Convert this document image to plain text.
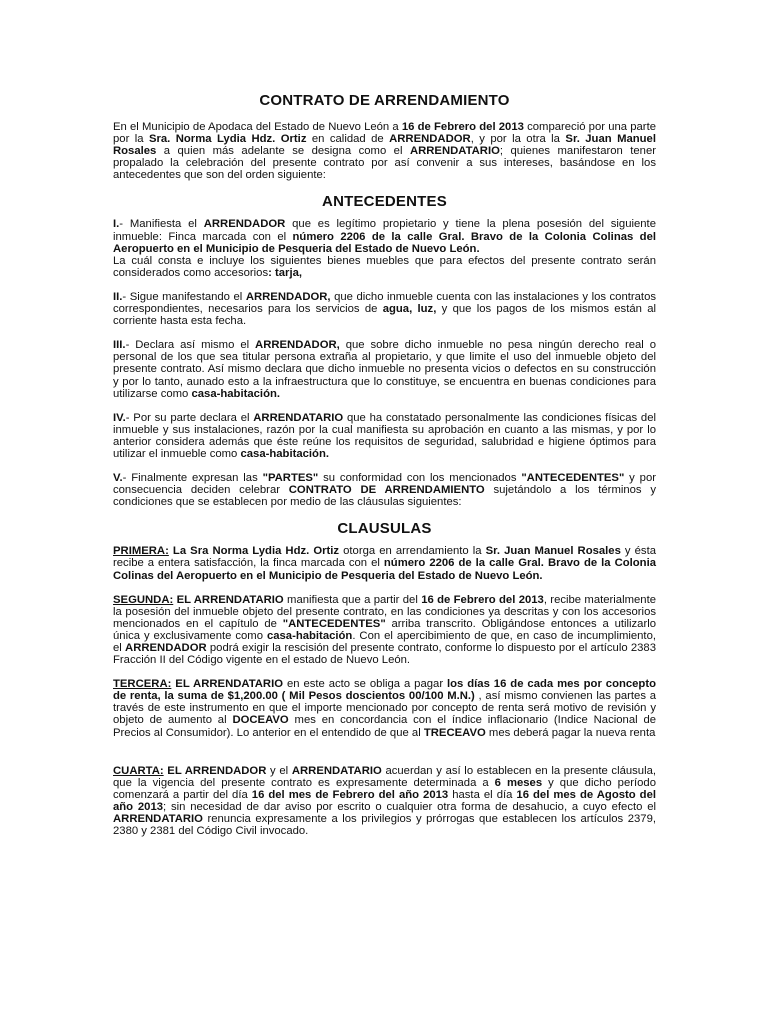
CONTRATO DE ARRENDAMIENTO

En el Municipio de Apodaca del Estado de Nuevo León a 16 de Febrero del 2013 compareció por una parte por la Sra. Norma Lydia Hdz. Ortiz en calidad de ARRENDADOR, y por la otra la Sr. Juan Manuel Rosales a quien más adelante se designa como el ARRENDATARIO; quienes manifestaron tener propalado la celebración del presente contrato por así convenir a sus intereses, basándose en los antecedentes que son del orden siguiente:

ANTECEDENTES

I.- Manifiesta el ARRENDADOR que es legítimo propietario y tiene la plena posesión del siguiente inmueble: Finca marcada con el número 2206 de la calle Gral. Bravo de la Colonia Colinas del Aeropuerto en el Municipio de Pesqueria del Estado de Nuevo León.
La cuál consta e incluye los siguientes bienes muebles que para efectos del presente contrato serán considerados como accesorios: tarja,

II.- Sigue manifestando el ARRENDADOR, que dicho inmueble cuenta con las instalaciones y los contratos correspondientes, necesarios para los servicios de agua, luz, y que los pagos de los mismos están al corriente hasta esta fecha.

III.- Declara así mismo el ARRENDADOR, que sobre dicho inmueble no pesa ningún derecho real o personal de los que sea titular persona extraña al propietario, y que limite el uso del inmueble objeto del presente contrato. Así mismo declara que dicho inmueble no presenta vicios o defectos en su construcción y por lo tanto, aunado esto a la infraestructura que lo constituye, se encuentra en buenas condiciones para utilizarse como casa-habitación.

IV.- Por su parte declara el ARRENDATARIO que ha constatado personalmente las condiciones físicas del inmueble y sus instalaciones, razón por la cual manifiesta su aprobación en cuanto a las mismas, y por lo anterior considera además que éste reúne los requisitos de seguridad, salubridad e higiene óptimos para utilizar el inmueble como casa-habitación.

V.- Finalmente expresan las "PARTES" su conformidad con los mencionados "ANTECEDENTES" y por consecuencia deciden celebrar CONTRATO DE ARRENDAMIENTO sujetándolo a los términos y condiciones que se establecen por medio de las cláusulas siguientes:

CLAUSULAS

PRIMERA: La Sra Norma Lydia Hdz. Ortiz otorga en arrendamiento la Sr. Juan Manuel Rosales y ésta recibe a entera satisfacción, la finca marcada con el número 2206 de la calle Gral. Bravo de la Colonia Colinas del Aeropuerto en el Municipio de Pesqueria del Estado de Nuevo León.

SEGUNDA: EL ARRENDATARIO manifiesta que a partir del 16 de Febrero del 2013, recibe materialmente la posesión del inmueble objeto del presente contrato, en las condiciones ya descritas y con los accesorios mencionados en el capítulo de "ANTECEDENTES" arriba transcrito. Obligándose entonces a utilizarlo única y exclusivamente como casa-habitación. Con el apercibimiento de que, en caso de incumplimiento, el ARRENDADOR podrá exigir la rescisión del presente contrato, conforme lo dispuesto por el artículo 2383 Fracción II del Código vigente en el estado de Nuevo León.

TERCERA: EL ARRENDATARIO en este acto se obliga a pagar los días 16 de cada mes por concepto de renta, la suma de $1,200.00 ( Mil Pesos doscientos 00/100 M.N.) , así mismo convienen las partes a través de este instrumento en que el importe mencionado por concepto de renta será motivo de revisión y objeto de aumento al DOCEAVO mes en concordancia con el índice inflacionario (Indice Nacional de Precios al Consumidor). Lo anterior en el entendido de que al TRECEAVO mes deberá pagar la nueva renta

CUARTA: EL ARRENDADOR y el ARRENDATARIO acuerdan y así lo establecen en la presente cláusula, que la vigencia del presente contrato es expresamente determinada a 6 meses y que dicho período comenzará a partir del día 16 del mes de Febrero del año 2013 hasta el día 16 del mes de Agosto del año 2013; sin necesidad de dar aviso por escrito o cualquier otra forma de desahucio, a cuyo efecto el ARRENDATARIO renuncia expresamente a los privilegios y prórrogas que establecen los artículos 2379, 2380 y 2381 del Código Civil invocado.
